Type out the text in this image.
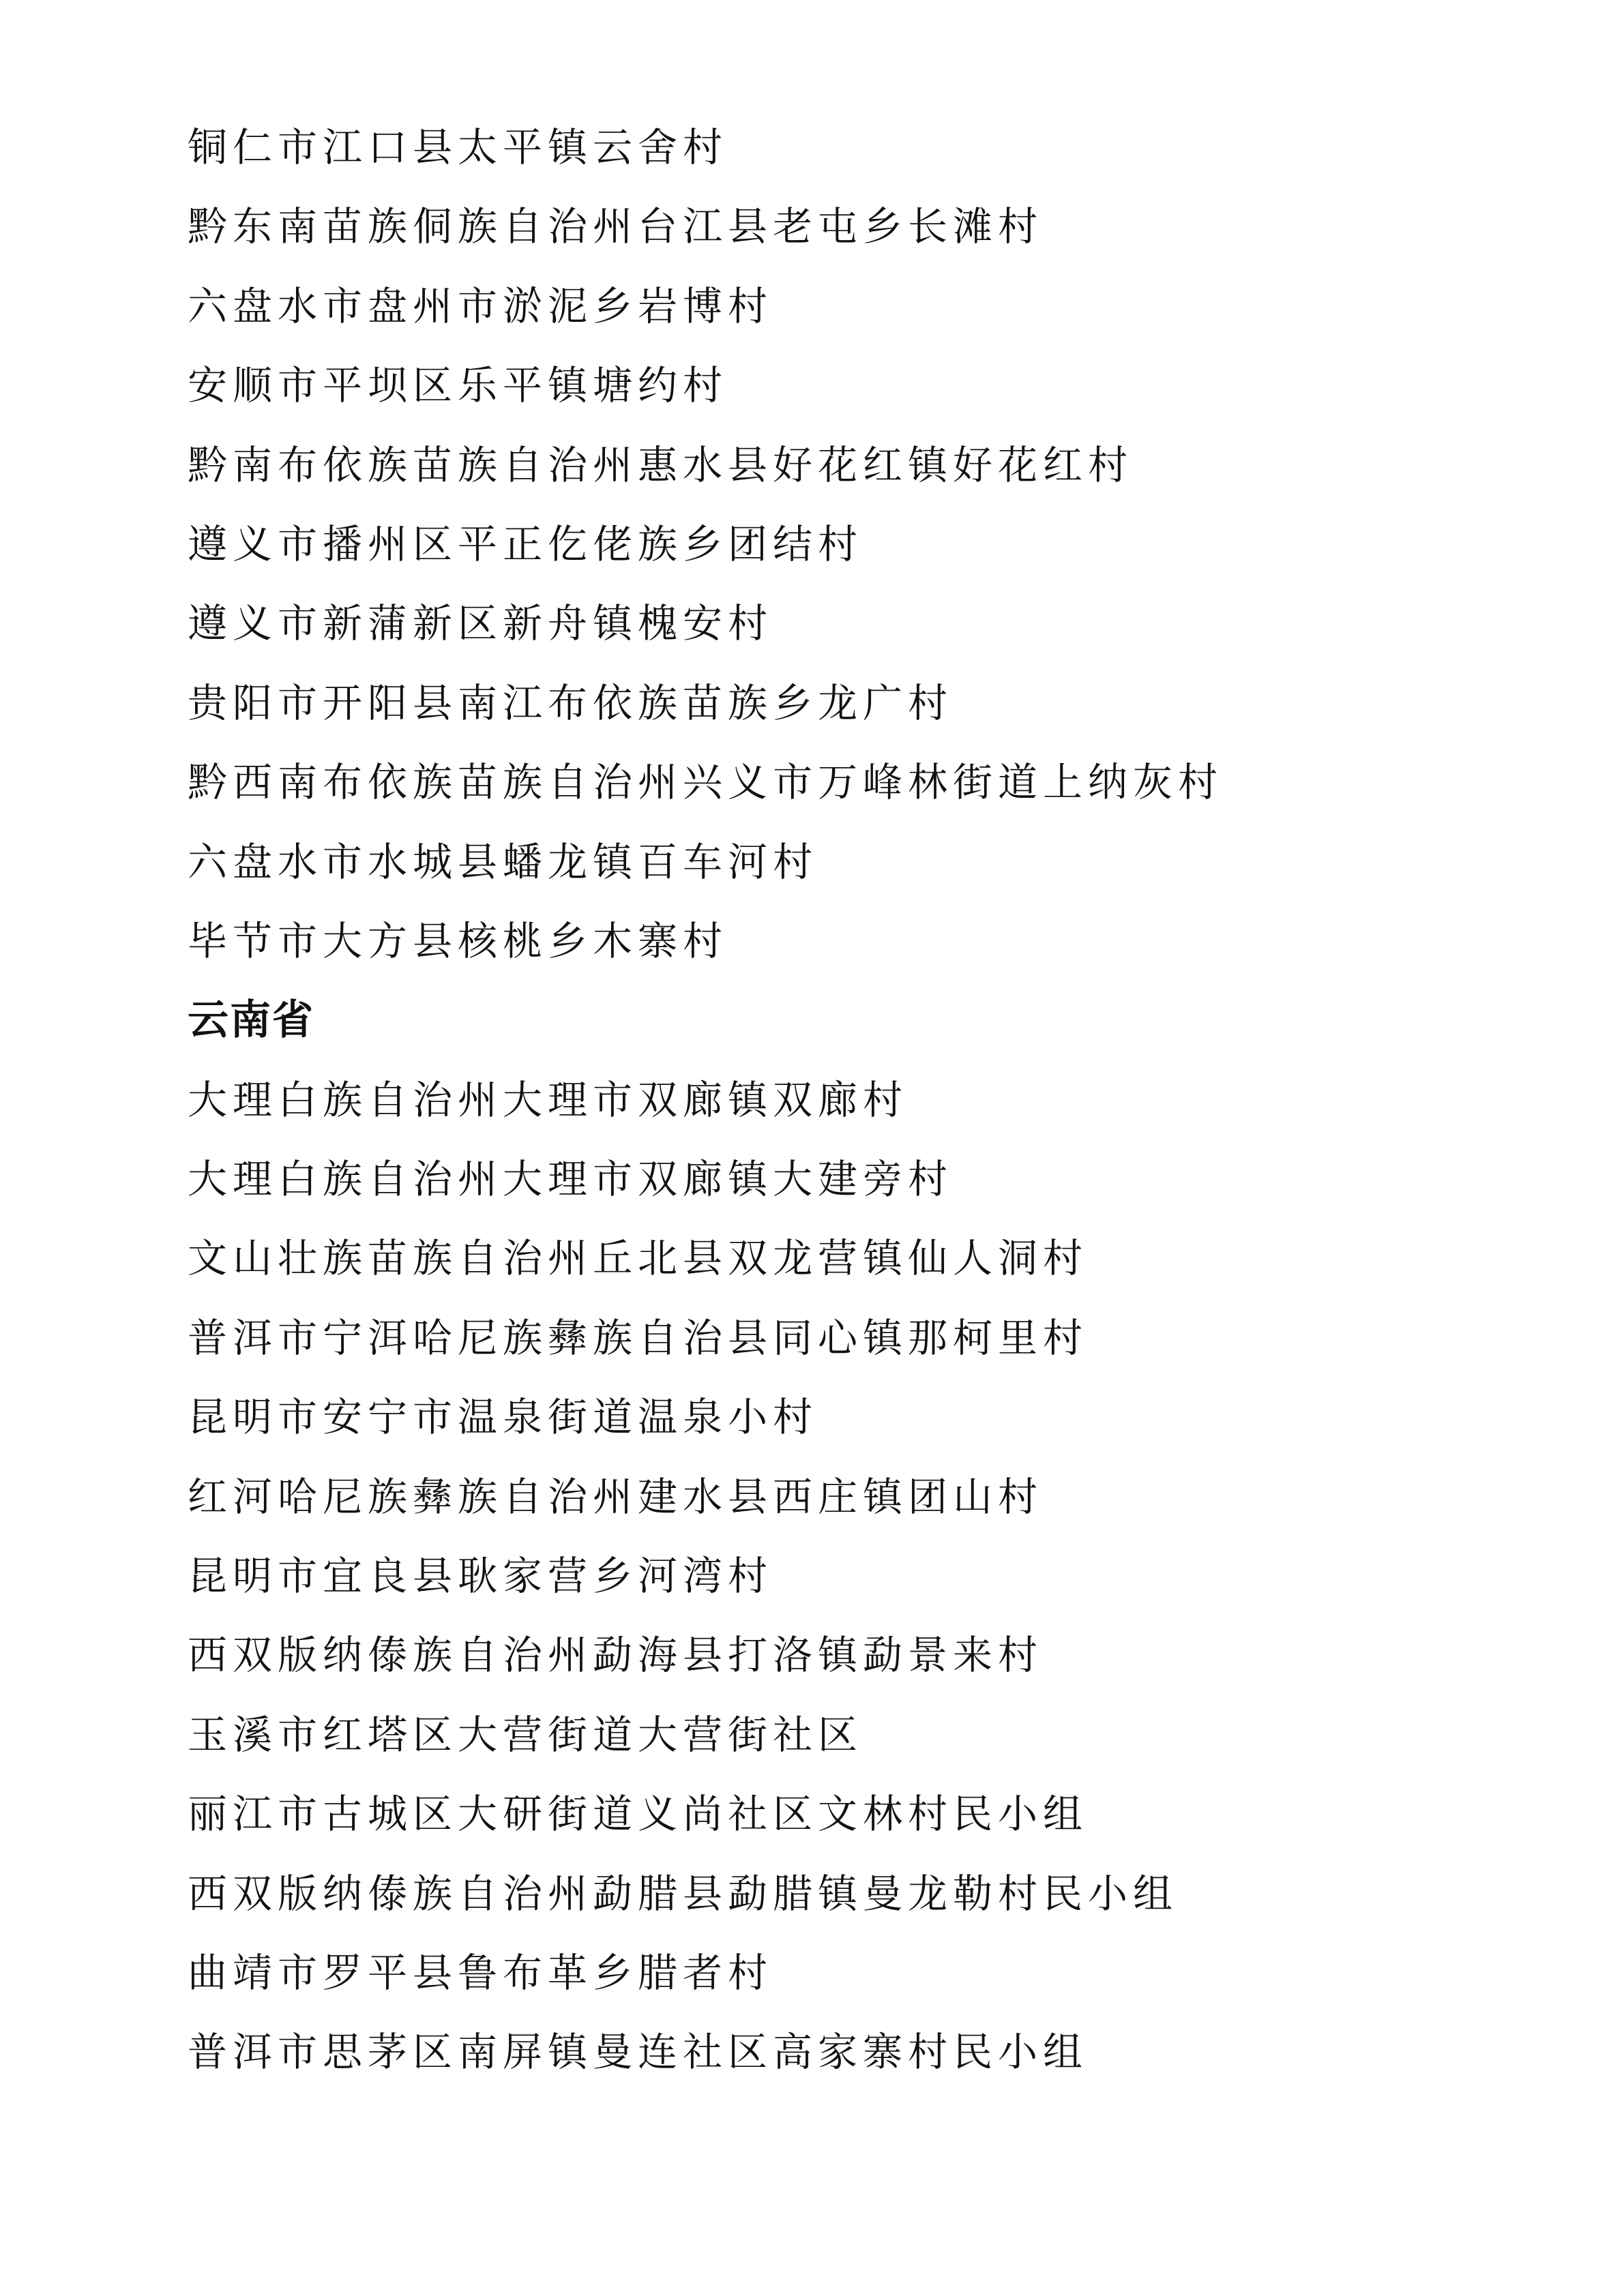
铜仁市江口县太平镇云舍村
黔东南苗族侗族自治州台江县老屯乡长滩村
六盘水市盘州市淤泥乡岩博村
安顺市平坝区乐平镇塘约村
黔南布依族苗族自治州惠水县好花红镇好花红村
遵义市播州区平正仡佬族乡团结村
遵义市新蒲新区新舟镇槐安村
贵阳市开阳县南江布依族苗族乡龙广村
黔西南布依族苗族自治州兴义市万峰林街道上纳灰村
六盘水市水城县蟠龙镇百车河村
毕节市大方县核桃乡木寨村
云南省
大理白族自治州大理市双廊镇双廊村
大理白族自治州大理市双廊镇大建旁村
文山壮族苗族自治州丘北县双龙营镇仙人洞村
普洱市宁洱哈尼族彝族自治县同心镇那柯里村
昆明市安宁市温泉街道温泉小村
红河哈尼族彝族自治州建水县西庄镇团山村
昆明市宜良县耿家营乡河湾村
西双版纳傣族自治州勐海县打洛镇勐景来村
玉溪市红塔区大营街道大营街社区
丽江市古城区大研街道义尚社区文林村民小组
西双版纳傣族自治州勐腊县勐腊镇曼龙勒村民小组
曲靖市罗平县鲁布革乡腊者村
普洱市思茅区南屏镇曼连社区高家寨村民小组
